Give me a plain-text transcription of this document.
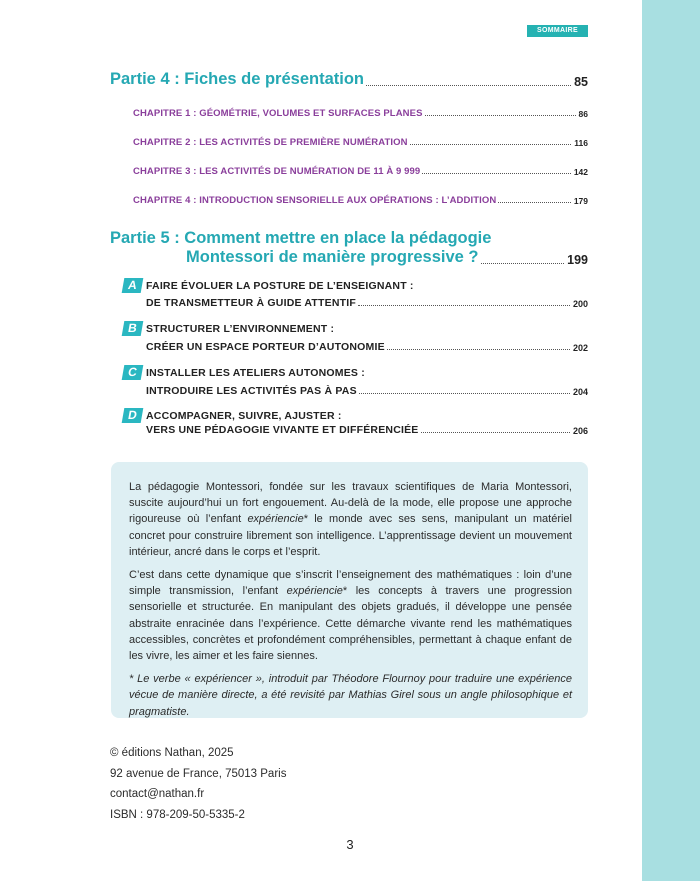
SOMMAIRE
Partie 4 : Fiches de présentation	85
CHAPITRE 1 : GÉOMÉTRIE, VOLUMES ET SURFACES PLANES	86
CHAPITRE 2 : LES ACTIVITÉS DE PREMIÈRE NUMÉRATION	116
CHAPITRE 3 : LES ACTIVITÉS DE NUMÉRATION DE 11 À 9 999	142
CHAPITRE 4 : INTRODUCTION SENSORIELLE AUX OPÉRATIONS : L’ADDITION	179
Partie 5 : Comment mettre en place la pédagogie
Montessori de manière progressive ?	199
A FAIRE ÉVOLUER LA POSTURE DE L’ENSEIGNANT :
DE TRANSMETTEUR À GUIDE ATTENTIF	200
B STRUCTURER L’ENVIRONNEMENT :
CRÉER UN ESPACE PORTEUR D’AUTONOMIE	202
C INSTALLER LES ATELIERS AUTONOMES :
INTRODUIRE LES ACTIVITÉS PAS À PAS	204
D ACCOMPAGNER, SUIVRE, AJUSTER :
VERS UNE PÉDAGOGIE VIVANTE ET DIFFÉRENCIÉE	206

La pédagogie Montessori, fondée sur les travaux scientifiques de Maria Montessori, suscite aujourd’hui un fort engouement. Au-delà de la mode, elle propose une approche rigoureuse où l’enfant expériencie* le monde avec ses sens, manipulant un matériel concret pour construire librement son intelligence. L’apprentissage devient un mouvement intérieur, ancré dans le corps et l’esprit.

C’est dans cette dynamique que s’inscrit l’enseignement des mathématiques : loin d’une simple transmission, l’enfant expériencie* les concepts à travers une progression sensorielle et structurée. En manipulant des objets gradués, il développe une pensée abstraite enracinée dans l’expérience. Cette démarche vivante rend les mathématiques accessibles, concrètes et profondément compréhensibles, permettant à chaque enfant de les vivre, les aimer et les faire siennes.

* Le verbe « expériencer », introduit par Théodore Flournoy pour traduire une expérience vécue de manière directe, a été revisité par Mathias Girel sous un angle philosophique et pragmatiste.

© éditions Nathan, 2025
92 avenue de France, 75013 Paris
contact@nathan.fr
ISBN : 978-209-50-5335-2
3
